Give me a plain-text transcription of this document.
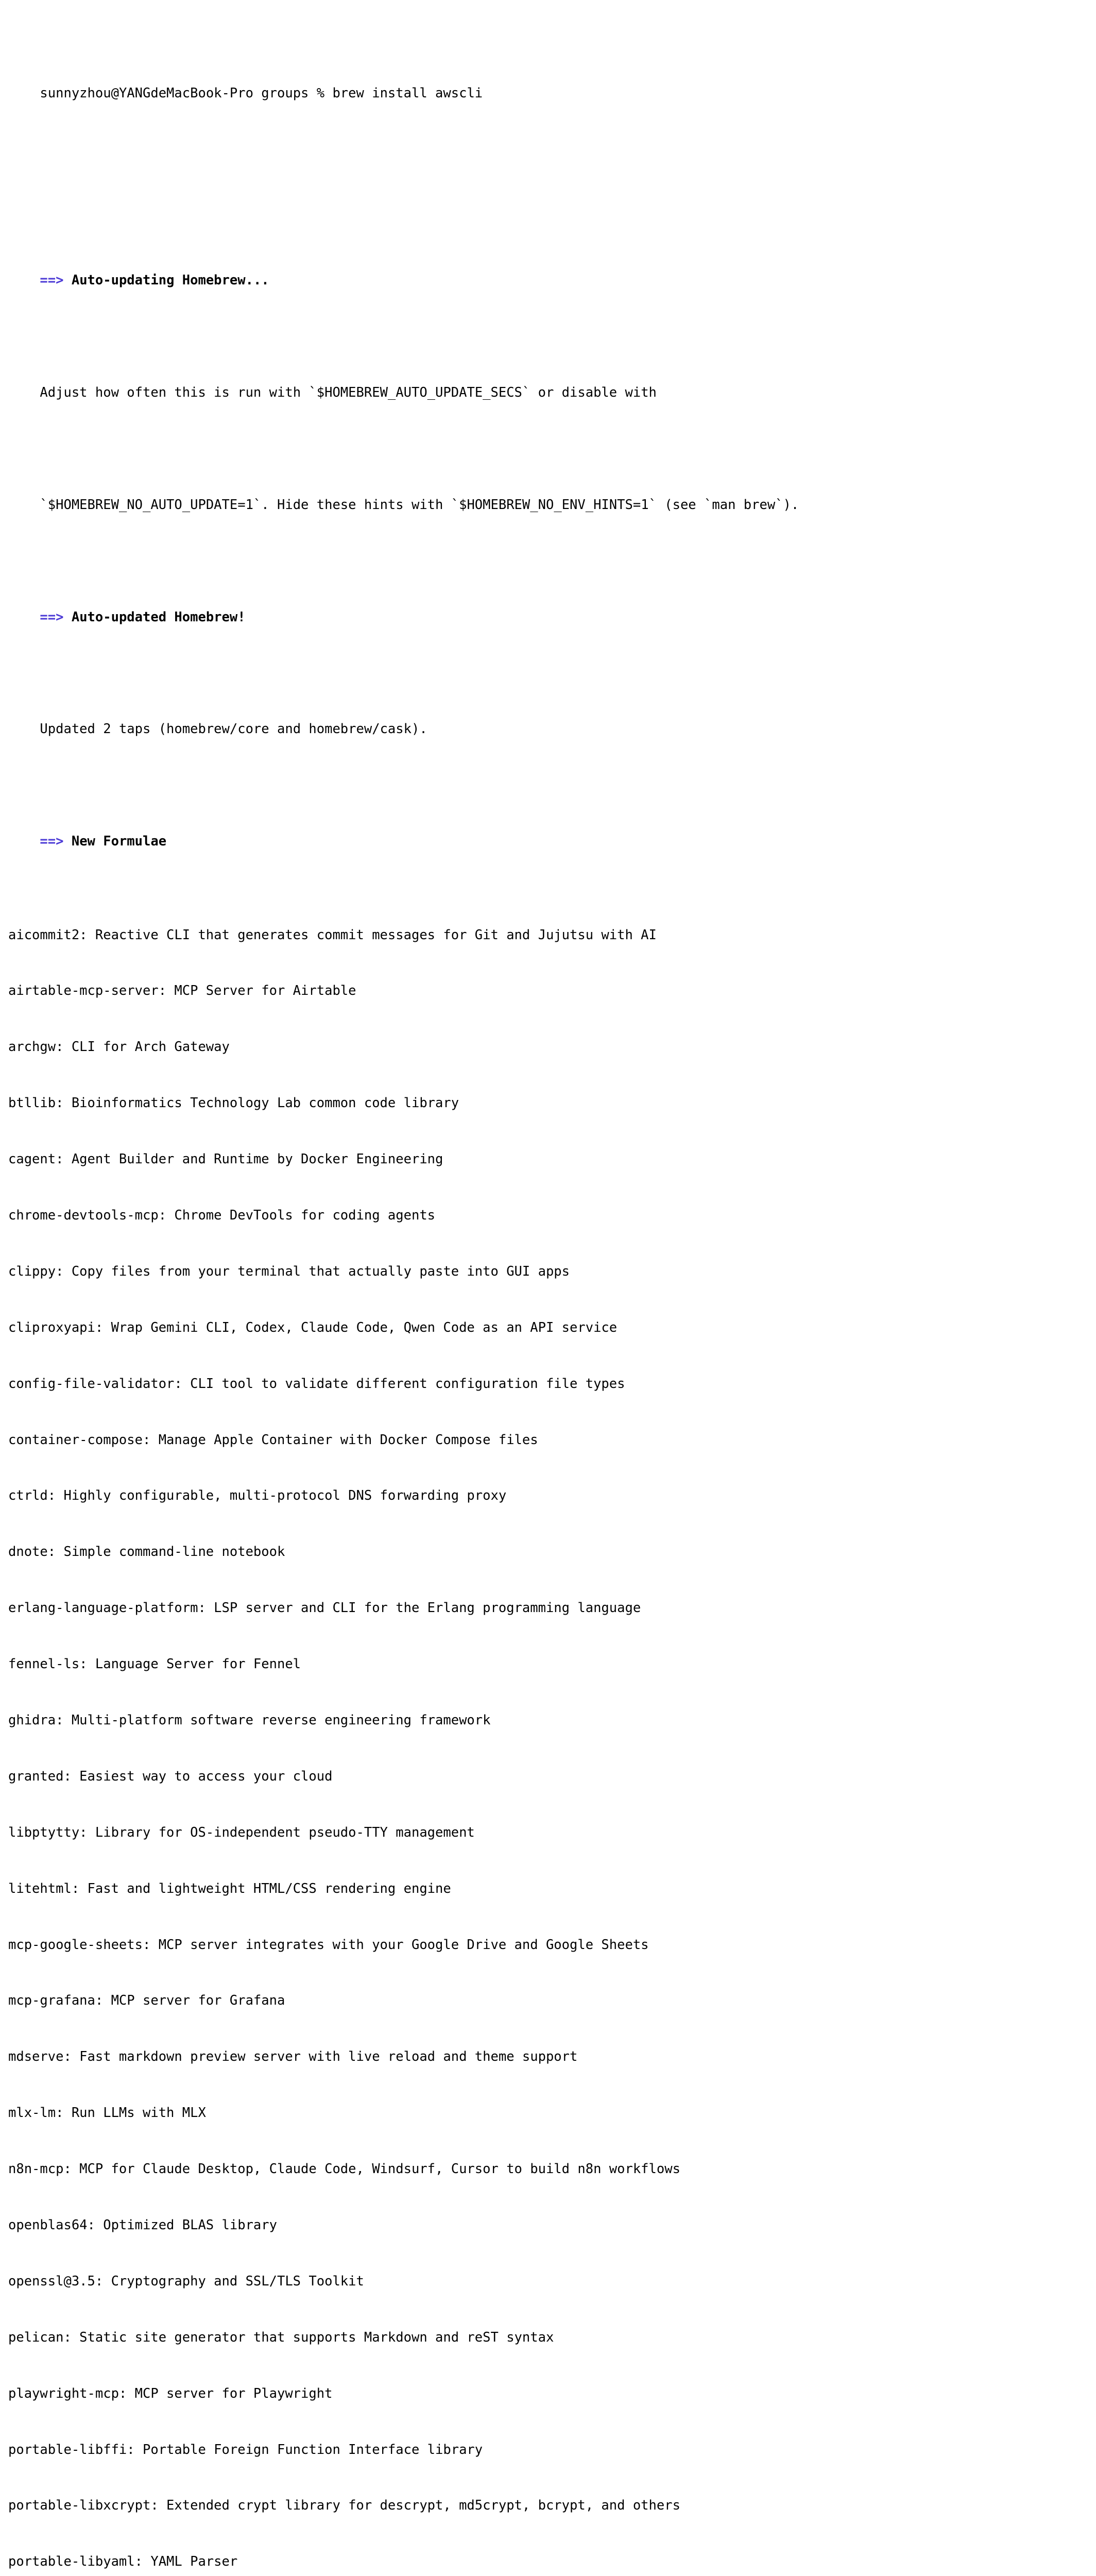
sunnyzhou@YANGdeMacBook-Pro groups % brew install awscli

==> Auto-updating Homebrew...

Adjust how often this is run with `$HOMEBREW_AUTO_UPDATE_SECS` or disable with

`$HOMEBREW_NO_AUTO_UPDATE=1`. Hide these hints with `$HOMEBREW_NO_ENV_HINTS=1` (see `man brew`).

==> Auto-updated Homebrew!

Updated 2 taps (homebrew/core and homebrew/cask).

==> New Formulae

aicommit2: Reactive CLI that generates commit messages for Git and Jujutsu with AI

airtable-mcp-server: MCP Server for Airtable

archgw: CLI for Arch Gateway

btllib: Bioinformatics Technology Lab common code library

cagent: Agent Builder and Runtime by Docker Engineering

chrome-devtools-mcp: Chrome DevTools for coding agents

clippy: Copy files from your terminal that actually paste into GUI apps

cliproxyapi: Wrap Gemini CLI, Codex, Claude Code, Qwen Code as an API service

config-file-validator: CLI tool to validate different configuration file types

container-compose: Manage Apple Container with Docker Compose files

ctrld: Highly configurable, multi-protocol DNS forwarding proxy

dnote: Simple command-line notebook

erlang-language-platform: LSP server and CLI for the Erlang programming language

fennel-ls: Language Server for Fennel

ghidra: Multi-platform software reverse engineering framework

granted: Easiest way to access your cloud

libptytty: Library for OS-independent pseudo-TTY management

litehtml: Fast and lightweight HTML/CSS rendering engine

mcp-google-sheets: MCP server integrates with your Google Drive and Google Sheets

mcp-grafana: MCP server for Grafana

mdserve: Fast markdown preview server with live reload and theme support

mlx-lm: Run LLMs with MLX

n8n-mcp: MCP for Claude Desktop, Claude Code, Windsurf, Cursor to build n8n workflows

openblas64: Optimized BLAS library

openssl@3.5: Cryptography and SSL/TLS Toolkit

pelican: Static site generator that supports Markdown and reST syntax

playwright-mcp: MCP server for Playwright

portable-libffi: Portable Foreign Function Interface library

portable-libxcrypt: Extended crypt library for descrypt, md5crypt, bcrypt, and others

portable-libyaml: YAML Parser
